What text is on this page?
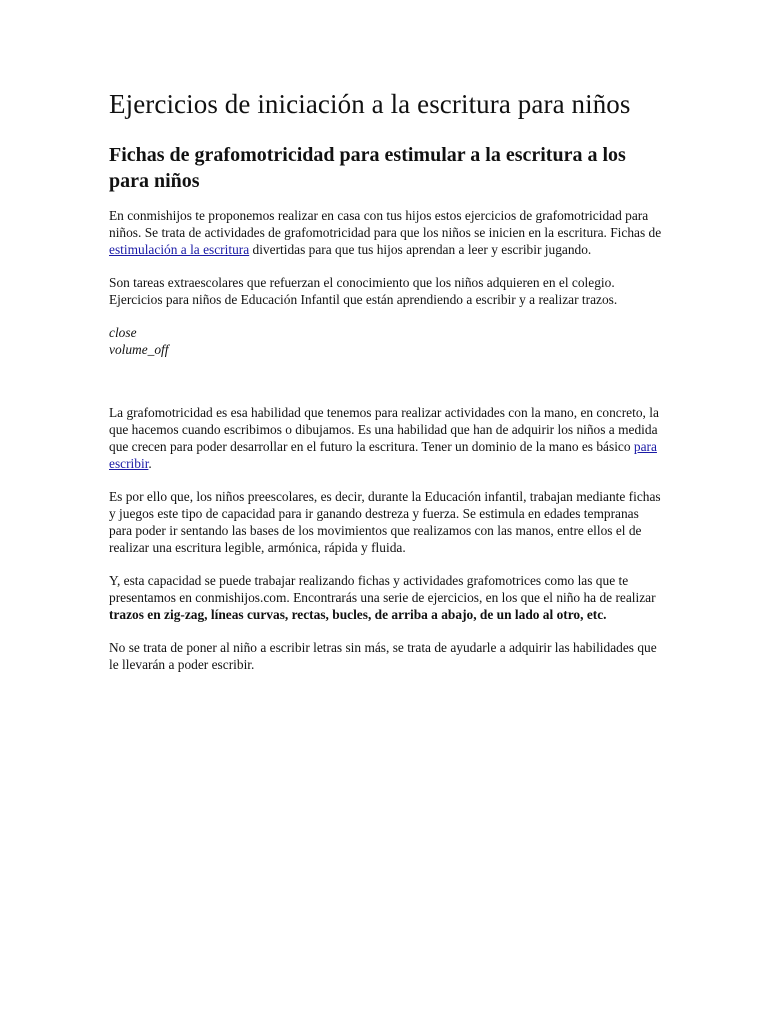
Ejercicios de iniciación a la escritura para niños
Fichas de grafomotricidad para estimular a la escritura a los para niños

En conmishijos te proponemos realizar en casa con tus hijos estos ejercicios de grafomotricidad para niños. Se trata de actividades de grafomotricidad para que los niños se inicien en la escritura. Fichas de estimulación a la escritura divertidas para que tus hijos aprendan a leer y escribir jugando.

Son tareas extraescolares que refuerzan el conocimiento que los niños adquieren en el colegio. Ejercicios para niños de Educación Infantil que están aprendiendo a escribir y a realizar trazos.

close
volume_off

La grafomotricidad es esa habilidad que tenemos para realizar actividades con la mano, en concreto, la que hacemos cuando escribimos o dibujamos. Es una habilidad que han de adquirir los niños a medida que crecen para poder desarrollar en el futuro la escritura. Tener un dominio de la mano es básico para escribir.

Es por ello que, los niños preescolares, es decir, durante la Educación infantil, trabajan mediante fichas y juegos este tipo de capacidad para ir ganando destreza y fuerza. Se estimula en edades tempranas para poder ir sentando las bases de los movimientos que realizamos con las manos, entre ellos el de realizar una escritura legible, armónica, rápida y fluida.

Y, esta capacidad se puede trabajar realizando fichas y actividades grafomotrices como las que te presentamos en conmishijos.com. Encontrarás una serie de ejercicios, en los que el niño ha de realizar trazos en zig-zag, líneas curvas, rectas, bucles, de arriba a abajo, de un lado al otro, etc.

No se trata de poner al niño a escribir letras sin más, se trata de ayudarle a adquirir las habilidades que le llevarán a poder escribir.
